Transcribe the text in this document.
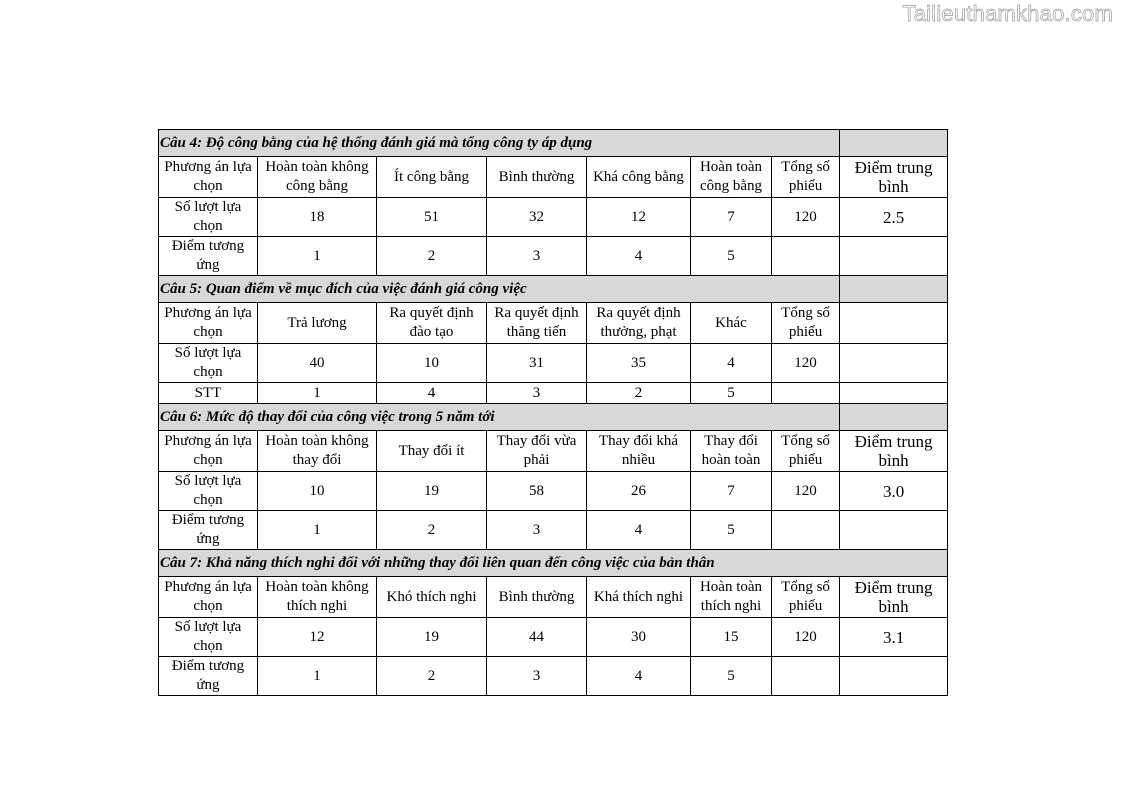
Tailieuthamkhao.com
Câu 4: Độ công bằng của hệ thống đánh giá mà tổng công ty áp dụng							
Phương án lựa chọn	Hoàn toàn không công bằng	Ít công bằng	Bình thường	Khá công bằng	Hoàn toàn công bằng	Tổng số phiếu	Điểm trung bình
Số lượt lựa chọn	18	51	32	12	7	120	2.5
Điểm tương ứng	1	2	3	4	5		
Câu 5: Quan điểm về mục đích của việc đánh giá công việc							
Phương án lựa chọn	Trả lương	Ra quyết định đào tạo	Ra quyết định thăng tiến	Ra quyết định thưởng, phạt	Khác	Tổng số phiếu	
Số lượt lựa chọn	40	10	31	35	4	120	
STT	1	4	3	2	5		
Câu 6: Mức độ thay đổi của công việc trong 5 năm tới							
Phương án lựa chọn	Hoàn toàn không thay đổi	Thay đổi ít	Thay đổi vừa phải	Thay đổi khá nhiều	Thay đổi hoàn toàn	Tổng số phiếu	Điểm trung bình
Số lượt lựa chọn	10	19	58	26	7	120	3.0
Điểm tương ứng	1	2	3	4	5		
Câu 7: Khả năng thích nghi đối với những thay đổi liên quan đến công việc của bản thân							
Phương án lựa chọn	Hoàn toàn không thích nghi	Khó thích nghi	Bình thường	Khá thích nghi	Hoàn toàn thích nghi	Tổng số phiếu	Điểm trung bình
Số lượt lựa chọn	12	19	44	30	15	120	3.1
Điểm tương ứng	1	2	3	4	5		
